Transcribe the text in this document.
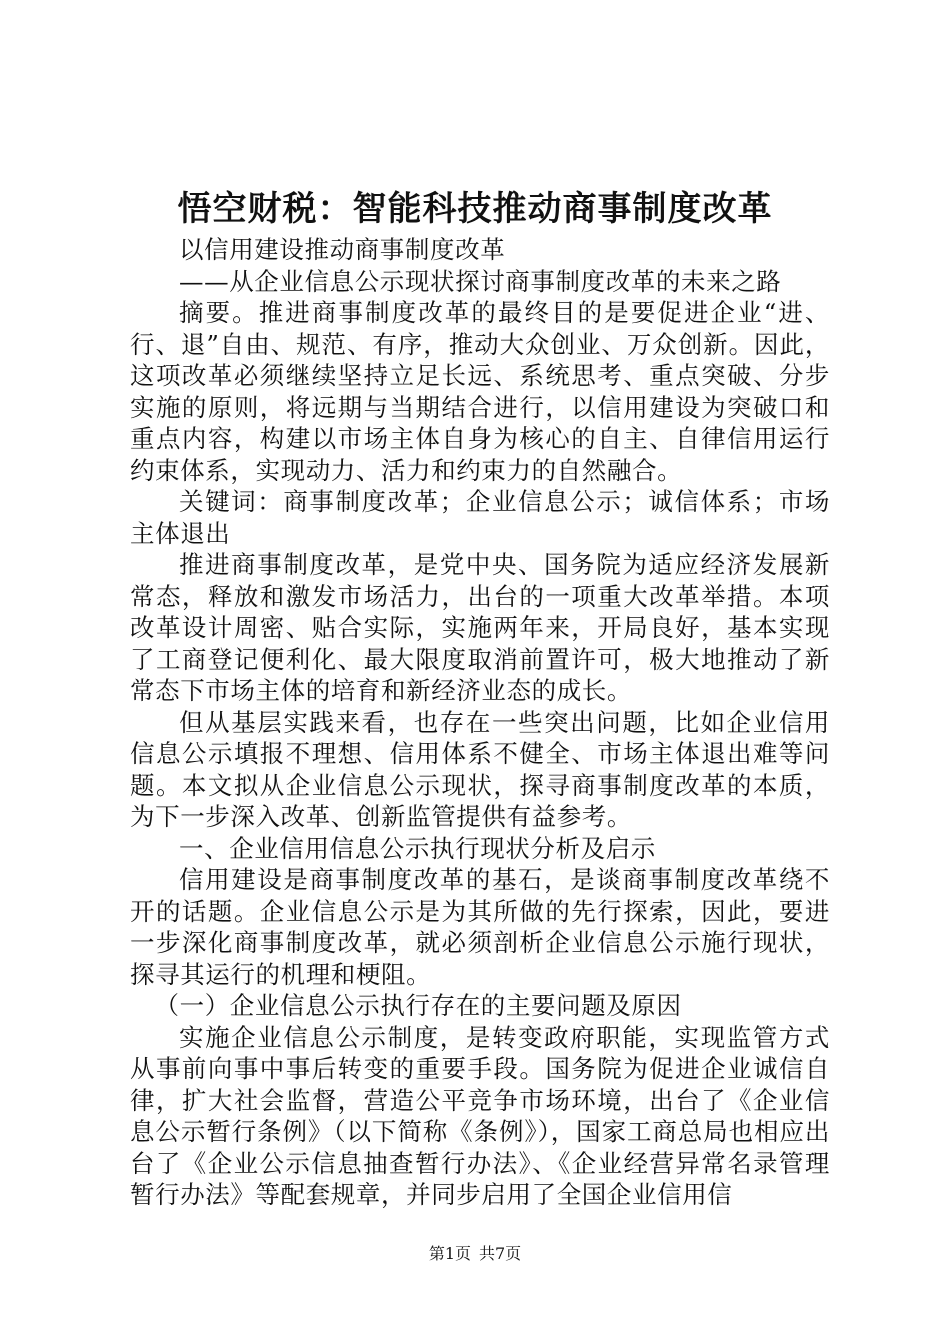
悟空财税：智能科技推动商事制度改革

以信用建设推动商事制度改革

——从企业信息公示现状探讨商事制度改革的未来之路

摘要。推进商事制度改革的最终目的是要促进企业“进、行、退”自由、规范、有序，推动大众创业、万众创新。因此，这项改革必须继续坚持立足长远、系统思考、重点突破、分步实施的原则，将远期与当期结合进行，以信用建设为突破口和重点内容，构建以市场主体自身为核心的自主、自律信用运行约束体系，实现动力、活力和约束力的自然融合。

关键词：商事制度改革；企业信息公示；诚信体系；市场主体退出

推进商事制度改革，是党中央、国务院为适应经济发展新常态，释放和激发市场活力，出台的一项重大改革举措。本项改革设计周密、贴合实际，实施两年来，开局良好，基本实现了工商登记便利化、最大限度取消前置许可，极大地推动了新常态下市场主体的培育和新经济业态的成长。

但从基层实践来看，也存在一些突出问题，比如企业信用信息公示填报不理想、信用体系不健全、市场主体退出难等问题。本文拟从企业信息公示现状，探寻商事制度改革的本质，为下一步深入改革、创新监管提供有益参考。

一、企业信用信息公示执行现状分析及启示

信用建设是商事制度改革的基石，是谈商事制度改革绕不开的话题。企业信息公示是为其所做的先行探索，因此，要进一步深化商事制度改革，就必须剖析企业信息公示施行现状，探寻其运行的机理和梗阻。

（一）企业信息公示执行存在的主要问题及原因

实施企业信息公示制度，是转变政府职能，实现监管方式从事前向事中事后转变的重要手段。国务院为促进企业诚信自律，扩大社会监督，营造公平竞争市场环境，出台了《企业信息公示暂行条例》（以下简称《条例》），国家工商总局也相应出台了《企业公示信息抽查暂行办法》、《企业经营异常名录管理暂行办法》等配套规章，并同步启用了全国企业信用信

第1页 共7页
